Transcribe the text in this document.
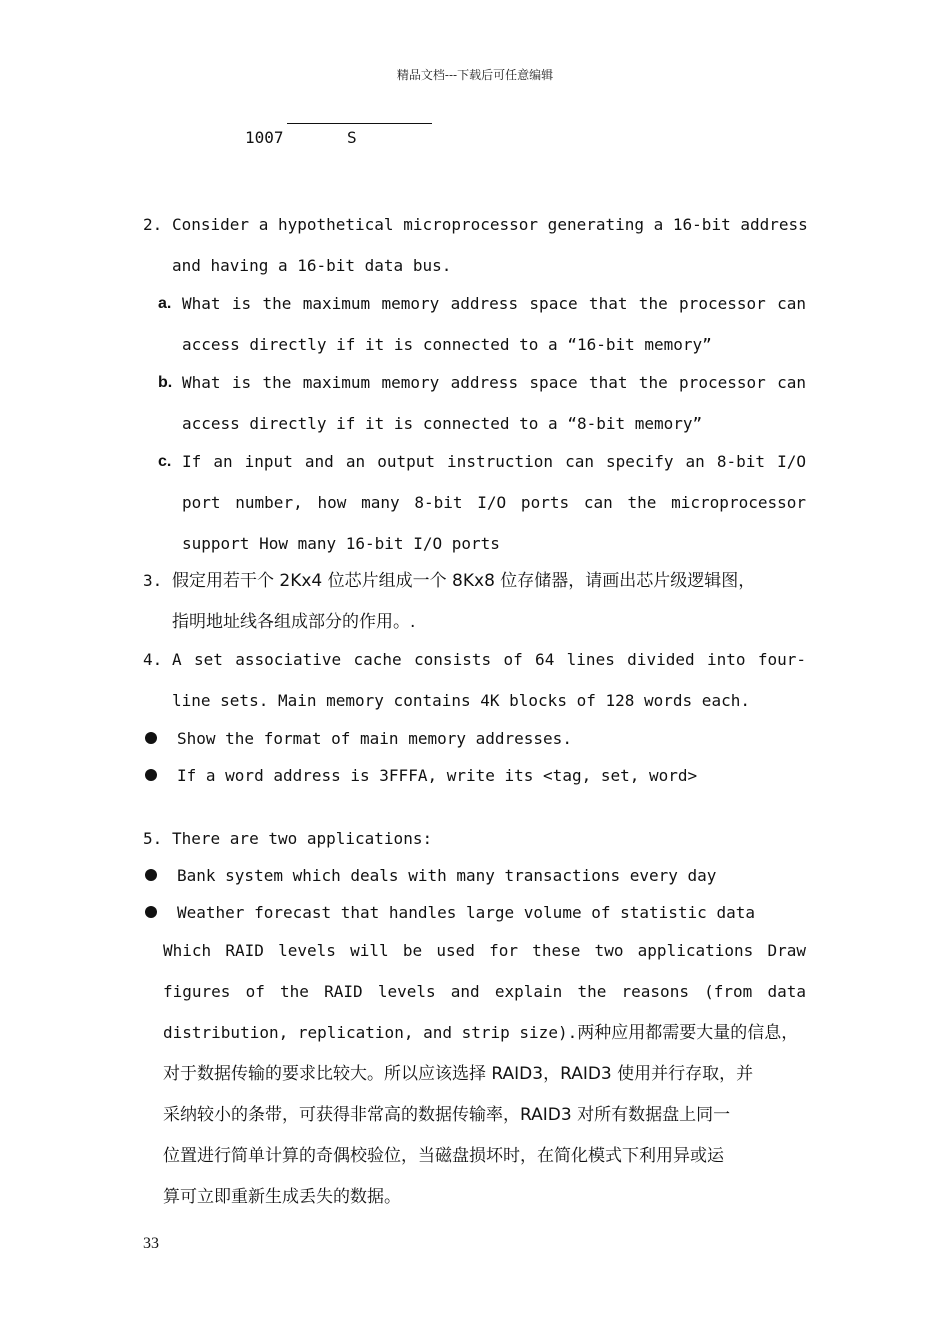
精品文档---下载后可任意编辑
1007	S
2. Consider a hypothetical microprocessor generating a 16-bit address
and having a 16-bit data bus.
a. What is the maximum memory address space that the processor can
access directly if it is connected to a “16-bit memory”
b. What is the maximum memory address space that the processor can
access directly if it is connected to a “8-bit memory”
c. If an input and an output instruction can specify an 8-bit I/O
port number, how many 8-bit I/O ports can the microprocessor
support How many 16-bit I/O ports
3. 假定用若干个 2Kx4 位芯片组成一个 8Kx8 位存储器，请画出芯片级逻辑图，
指明地址线各组成部分的作用。.
4. A set associative cache consists of 64 lines divided into four-
line sets. Main memory contains 4K blocks of 128 words each.
Show the format of main memory addresses.
If a word address is 3FFFA, write its <tag, set, word>
5. There are two applications:
Bank system which deals with many transactions every day
Weather forecast that handles large volume of statistic data
Which RAID levels will be used for these two applications Draw
figures of the RAID levels and explain the reasons (from data
distribution, replication, and strip size).两种应用都需要大量的信息，
对于数据传输的要求比较大。所以应该选择 RAID3，RAID3 使用并行存取，并
采纳较小的条带，可获得非常高的数据传输率，RAID3 对所有数据盘上同一
位置进行简单计算的奇偶校验位，当磁盘损坏时，在简化模式下利用异或运
算可立即重新生成丢失的数据。
33
